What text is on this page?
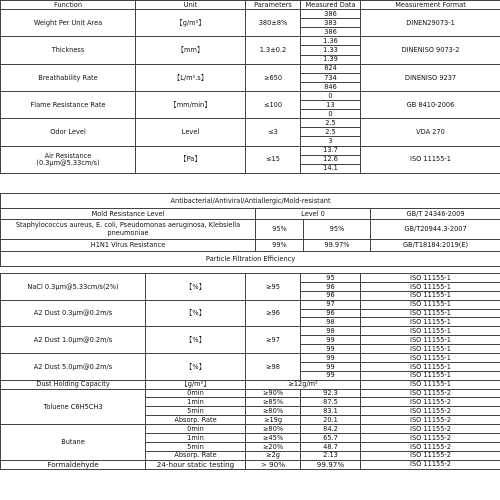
Function	Unit	Parameters	Measured Data	Measurement Format
Weight Per Unit Area	【g/m²】	380±8%	386	DINEN29073-1
			383	
			386	
Thickness	【mm】	1.3±0.2	1.36	DINENISO 9073-2
			1.33	
			1.39	
Breathability Rate	【L/m².s】	≥650	824	DINENISO 9237
			734	
			846	
Flame Resistance Rate	【mm/min】	≤100	0	GB 8410-2006
			13	
			0	
Odor Level	Level	≤3	2.5	VDA 270
			2.5	
			3	
Air Resistance
(0.3μm@5.33cm/s)	【Pa】	≤15	13.7	ISO 11155-1
			12.6	
			14.1	
Antibacterial/Antiviral/Antiallergic/Mold-resistant			
Mold Resistance Level	Level 0		GB/T 24346-2009
Staphylococcus aureus, E. coli, Pseudomonas aeruginosa, Klebsiella pneumoniae	95%	95%	GB/T20944.3-2007
H1N1 Virus Resistance	99%	99.97%	GB/T18184:2019(E)
Particle Filtration Efficiency			
NaCl 0.3μm@5.33cm/s(2%)	【%】	≥95	95	ISO 11155-1
			96	ISO 11155-1
			96	ISO 11155-1
A2 Dust 0.3μm@0.2m/s	【%】	≥96	97	ISO 11155-1
			96	ISO 11155-1
			98	ISO 11155-1
A2 Dust 1.0μm@0.2m/s	【%】	≥97	98	ISO 11155-1
			99	ISO 11155-1
			99	ISO 11155-1
A2 Dust 5.0μm@0.2m/s	【%】	≥98	99	ISO 11155-1
			99	ISO 11155-1
			99	ISO 11155-1
Dust Holding Capacity	【g/m²】	≥12g/m²		ISO 11155-1
Toluene C6H5CH3	0min	≥90%	92.3	ISO 11155-2
	1min	≥85%	87.5	ISO 11155-2
	5min	≥80%	83.1	ISO 11155-2
	Absorp. Rate	≥19g	20.1	ISO 11155-2
Butane	0min	≥80%	84.2	ISO 11155-2
	1min	≥45%	65.7	ISO 11155-2
	5min	≥20%	48.7	ISO 11155-2
	Absorp. Rate	≥2g	2.13	ISO 11155-2
Formaldehyde	24-hour static testing	> 90%	99.97%	ISO 11155-2
